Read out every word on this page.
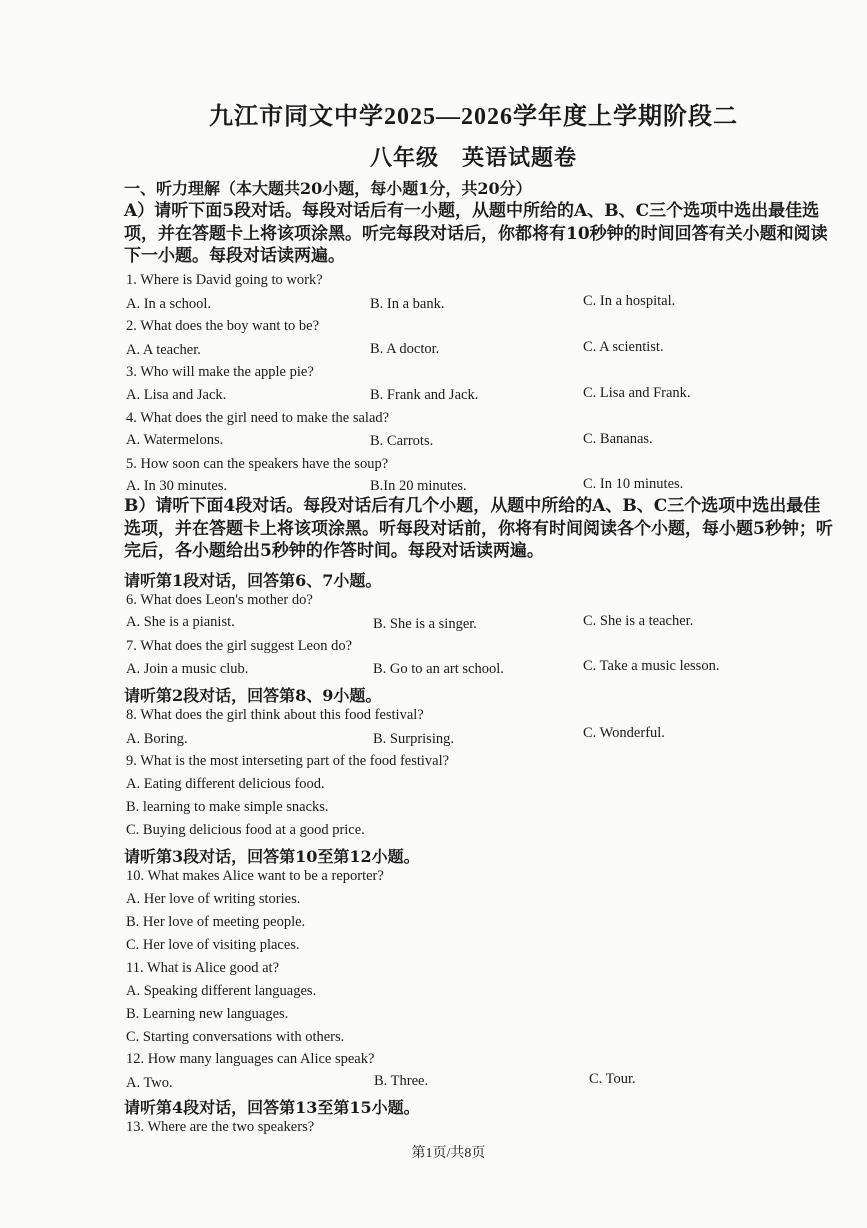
九江市同文中学2025—2026学年度上学期阶段二
八年级　英语试题卷
一、听力理解（本大题共20小题，每小题1分，共20分）
A）请听下面5段对话。每段对话后有一小题，从题中所给的A、B、C三个选项中选出最佳选项，并在答题卡上将该项涂黑。听完每段对话后，你都将有10秒钟的时间回答有关小题和阅读下一小题。每段对话读两遍。
1. Where is David going to work?
A. In a school.	B. In a bank.	C. In a hospital.
2. What does the boy want to be?
A. A teacher.	B. A doctor.	C. A scientist.
3. Who will make the apple pie?
A. Lisa and Jack.	B. Frank and Jack.	C. Lisa and Frank.
4. What does the girl need to make the salad?
A. Watermelons.	B. Carrots.	C. Bananas.
5. How soon can the speakers have the soup?
A. In 30 minutes.	B.In 20 minutes.	C. In 10 minutes.
B）请听下面4段对话。每段对话后有几个小题，从题中所给的A、B、C三个选项中选出最佳选项，并在答题卡上将该项涂黑。听每段对话前，你将有时间阅读各个小题，每小题5秒钟；听完后，各小题给出5秒钟的作答时间。每段对话读两遍。
请听第1段对话，回答第6、7小题。
6. What does Leon's mother do?
A. She is a pianist.	B. She is a singer.	C. She is a teacher.
7. What does the girl suggest Leon do?
A. Join a music club.	B. Go to an art school.	C. Take a music lesson.
请听第2段对话，回答第8、9小题。
8. What does the girl think about this food festival?
A. Boring.	B. Surprising.	C. Wonderful.
9. What is the most interseting part of the food festival?
A. Eating different delicious food.
B. learning to make simple snacks.
C. Buying delicious food at a good price.
请听第3段对话，回答第10至第12小题。
10. What makes Alice want to be a reporter?
A. Her love of writing stories.
B. Her love of meeting people.
C. Her love of visiting places.
11. What is Alice good at?
A. Speaking different languages.
B. Learning new languages.
C. Starting conversations with others.
12. How many languages can Alice speak?
A. Two.	B. Three.	C. Tour.
请听第4段对话，回答第13至第15小题。
13. Where are the two speakers?
第1页/共8页
